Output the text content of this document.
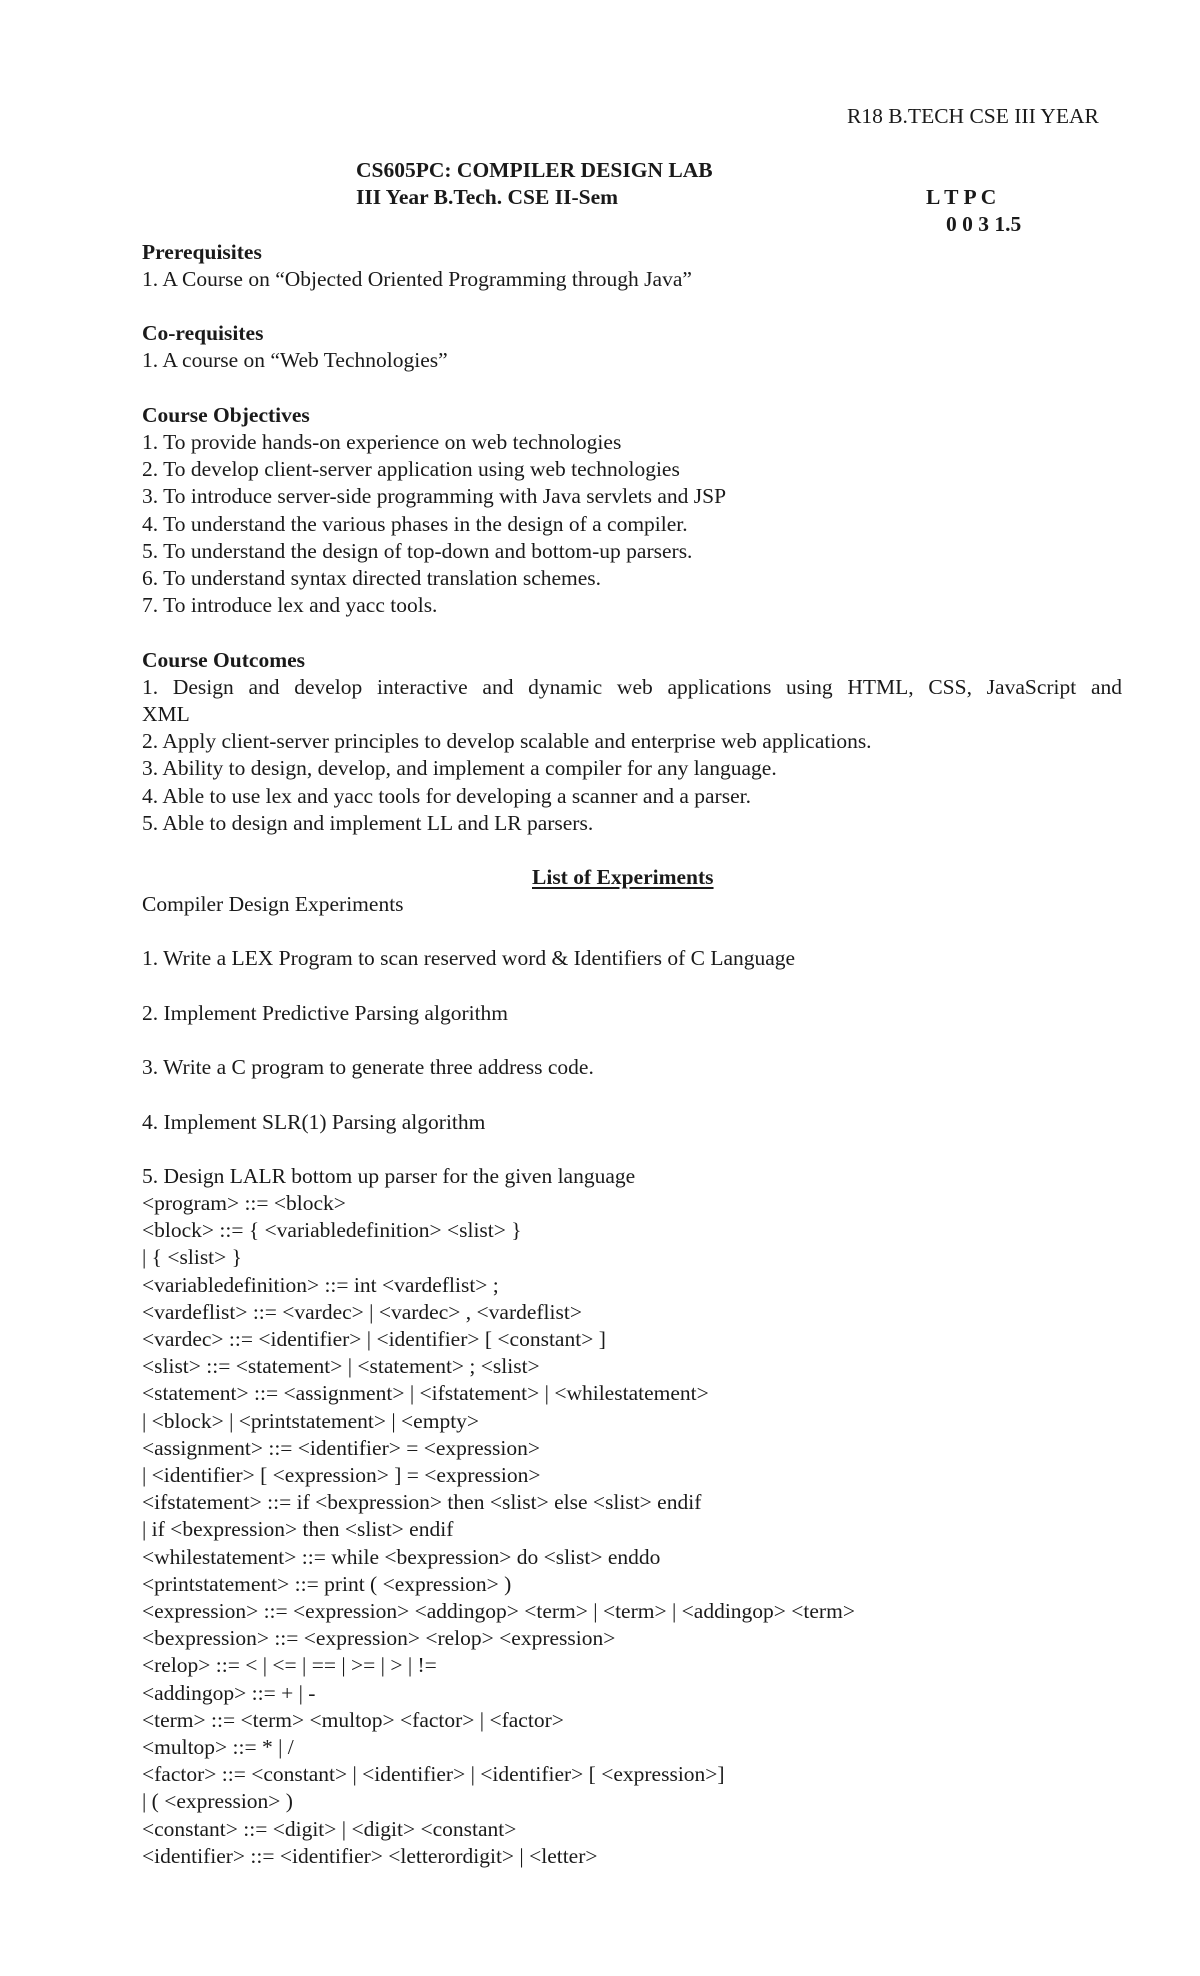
R18 B.TECH CSE III YEAR
CS605PC: COMPILER DESIGN LAB
III Year B.Tech. CSE II-Sem	L T P C
0 0 3 1.5
Prerequisites
1. A Course on “Objected Oriented Programming through Java”
Co-requisites
1. A course on “Web Technologies”
Course Objectives
1. To provide hands-on experience on web technologies
2. To develop client-server application using web technologies
3. To introduce server-side programming with Java servlets and JSP
4. To understand the various phases in the design of a compiler.
5. To understand the design of top-down and bottom-up parsers.
6. To understand syntax directed translation schemes.
7. To introduce lex and yacc tools.
Course Outcomes
1. Design and develop interactive and dynamic web applications using HTML, CSS, JavaScript and
XML
2. Apply client-server principles to develop scalable and enterprise web applications.
3. Ability to design, develop, and implement a compiler for any language.
4. Able to use lex and yacc tools for developing a scanner and a parser.
5. Able to design and implement LL and LR parsers.
List of Experiments
Compiler Design Experiments
1. Write a LEX Program to scan reserved word & Identifiers of C Language
2. Implement Predictive Parsing algorithm
3. Write a C program to generate three address code.
4. Implement SLR(1) Parsing algorithm
5. Design LALR bottom up parser for the given language
<program> ::= <block>
<block> ::= { <variabledefinition> <slist> }
| { <slist> }
<variabledefinition> ::= int <vardeflist> ;
<vardeflist> ::= <vardec> | <vardec> , <vardeflist>
<vardec> ::= <identifier> | <identifier> [ <constant> ]
<slist> ::= <statement> | <statement> ; <slist>
<statement> ::= <assignment> | <ifstatement> | <whilestatement>
| <block> | <printstatement> | <empty>
<assignment> ::= <identifier> = <expression>
| <identifier> [ <expression> ] = <expression>
<ifstatement> ::= if <bexpression> then <slist> else <slist> endif
| if <bexpression> then <slist> endif
<whilestatement> ::= while <bexpression> do <slist> enddo
<printstatement> ::= print ( <expression> )
<expression> ::= <expression> <addingop> <term> | <term> | <addingop> <term>
<bexpression> ::= <expression> <relop> <expression>
<relop> ::= < | <= | == | >= | > | !=
<addingop> ::= + | -
<term> ::= <term> <multop> <factor> | <factor>
<multop> ::= * | /
<factor> ::= <constant> | <identifier> | <identifier> [ <expression>]
| ( <expression> )
<constant> ::= <digit> | <digit> <constant>
<identifier> ::= <identifier> <letterordigit> | <letter>
